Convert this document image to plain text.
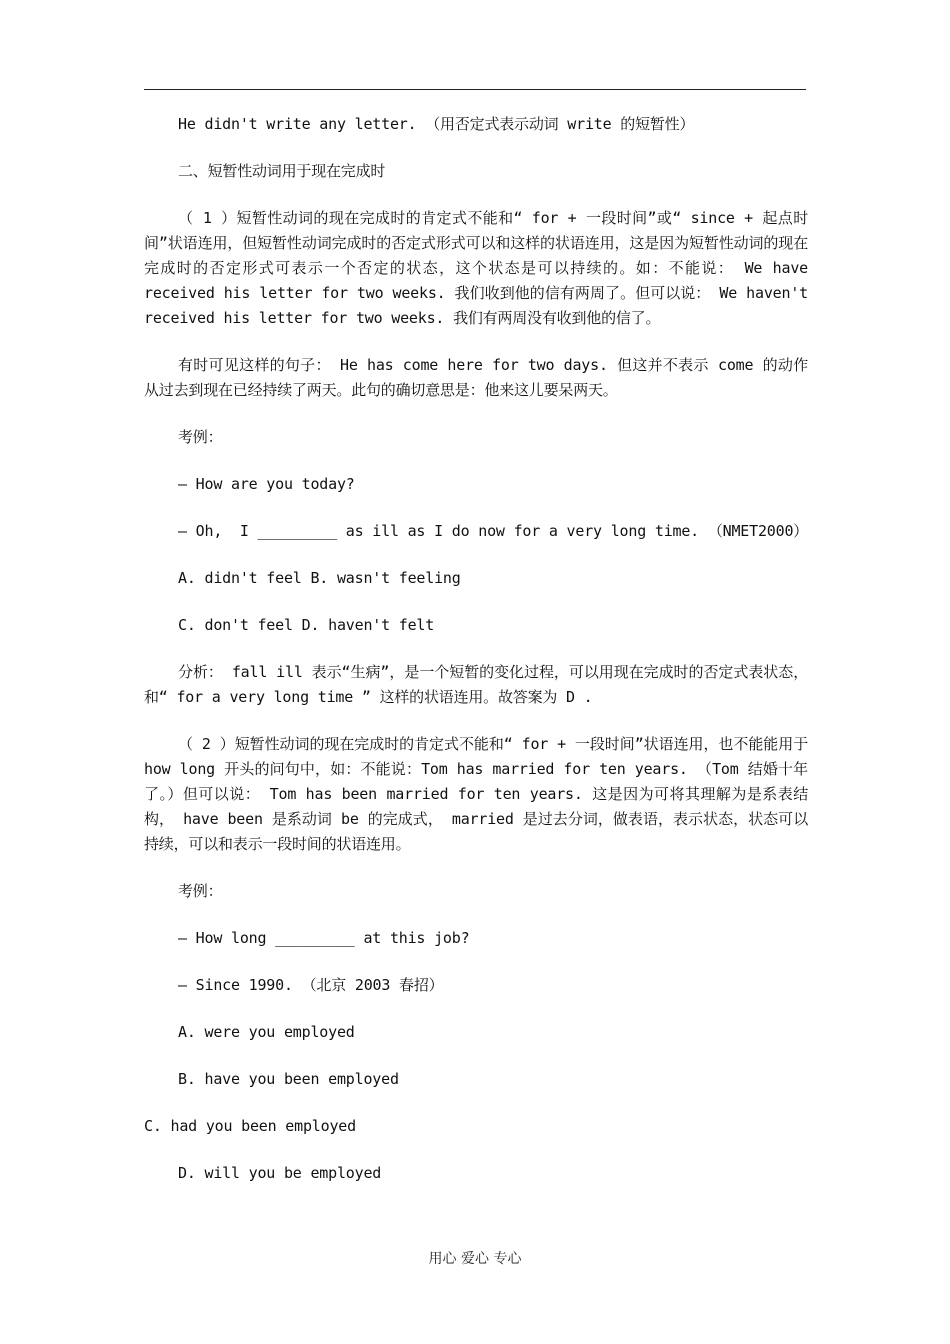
He didn't write any letter. （用否定式表示动词 write 的短暂性）

二、短暂性动词用于现在完成时

（ 1 ）短暂性动词的现在完成时的肯定式不能和“ for + 一段时间”或“ since + 起点时间”状语连用，但短暂性动词完成时的否定式形式可以和这样的状语连用，这是因为短暂性动词的现在完成时的否定形式可表示一个否定的状态，这个状态是可以持续的。如：不能说： We have received his letter for two weeks. 我们收到他的信有两周了。但可以说： We haven't received his letter for two weeks. 我们有两周没有收到他的信了。

有时可见这样的句子： He has come here for two days. 但这并不表示 come 的动作从过去到现在已经持续了两天。此句的确切意思是：他来这儿要呆两天。

考例：

— How are you today?

— Oh,  I _________ as ill as I do now for a very long time. （NMET2000）

A. didn't feel B. wasn't feeling

C. don't feel D. haven't felt

分析： fall ill 表示“生病”，是一个短暂的变化过程，可以用现在完成时的否定式表状态，和“ for a very long time ” 这样的状语连用。故答案为 D .

（ 2 ）短暂性动词的现在完成时的肯定式不能和“ for + 一段时间”状语连用，也不能能用于 how long 开头的问句中，如：不能说：Tom has married for ten years. （Tom 结婚十年了。）但可以说： Tom has been married for ten years. 这是因为可将其理解为是系表结构， have been 是系动词 be 的完成式， married 是过去分词，做表语，表示状态，状态可以持续，可以和表示一段时间的状语连用。

考例：

— How long _________ at this job?

— Since 1990. （北京 2003 春招）

A. were you employed

B. have you been employed

C. had you been employed

D. will you be employed

用心 爱心 专心
